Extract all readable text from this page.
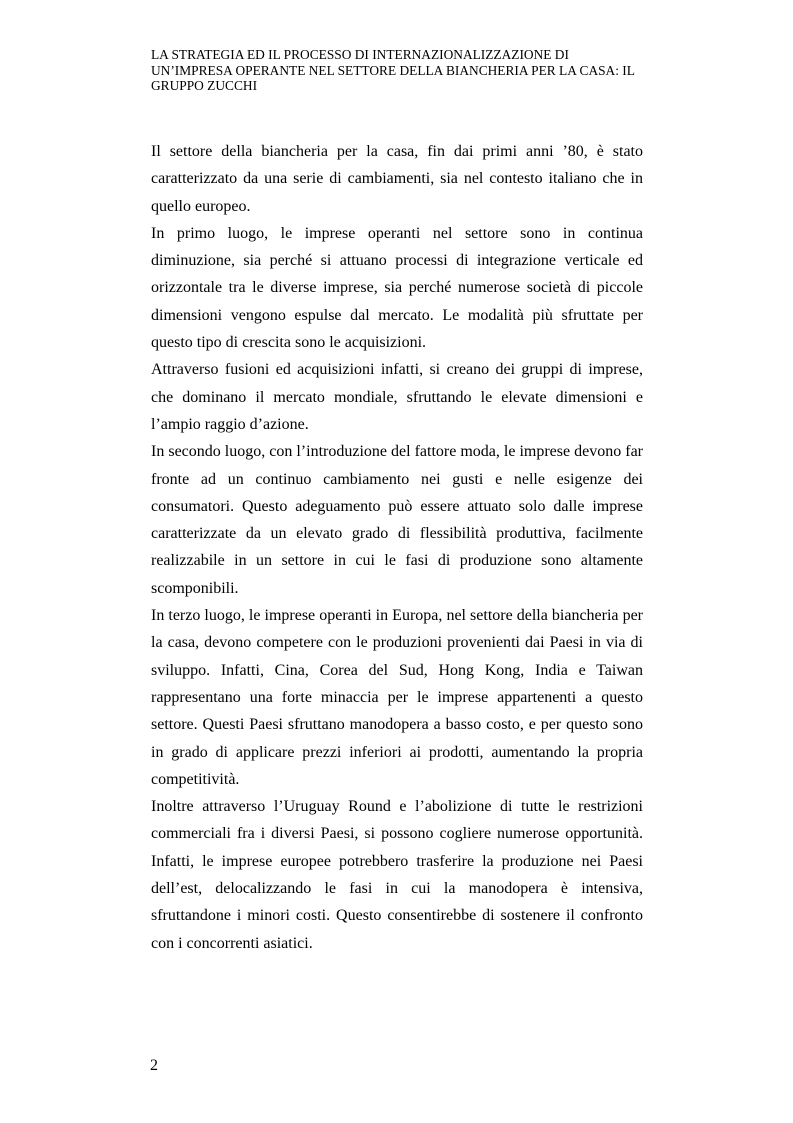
LA STRATEGIA ED IL PROCESSO DI INTERNAZIONALIZZAZIONE DI
UN’IMPRESA OPERANTE NEL SETTORE DELLA BIANCHERIA PER LA CASA: IL
GRUPPO ZUCCHI

Il settore della biancheria per la casa, fin dai primi anni ’80, è stato caratterizzato da una serie di cambiamenti, sia nel contesto italiano che in quello europeo.

In primo luogo, le imprese operanti nel settore sono in continua diminuzione, sia perché si attuano processi di integrazione verticale ed orizzontale tra le diverse imprese, sia perché numerose società di piccole dimensioni vengono espulse dal mercato. Le modalità più sfruttate per questo tipo di crescita sono le acquisizioni.

Attraverso fusioni ed acquisizioni infatti, si creano dei gruppi di imprese, che dominano il mercato mondiale, sfruttando le elevate dimensioni e l’ampio raggio d’azione.

In secondo luogo, con l’introduzione del fattore moda, le imprese devono far fronte ad un continuo cambiamento nei gusti e nelle esigenze dei consumatori. Questo adeguamento può essere attuato solo dalle imprese caratterizzate da un elevato grado di flessibilità produttiva, facilmente realizzabile in un settore in cui le fasi di produzione sono altamente scomponibili.

In terzo luogo, le imprese operanti in Europa, nel settore della biancheria per la casa, devono competere con le produzioni provenienti dai Paesi in via di sviluppo. Infatti, Cina, Corea del Sud, Hong Kong, India e Taiwan rappresentano una forte minaccia per le imprese appartenenti a questo settore. Questi Paesi sfruttano manodopera a basso costo, e per questo sono in grado di applicare prezzi inferiori ai prodotti, aumentando la propria competitività.

Inoltre attraverso l’Uruguay Round e l’abolizione di tutte le restrizioni commerciali fra i diversi Paesi, si possono cogliere numerose opportunità. Infatti, le imprese europee potrebbero trasferire la produzione nei Paesi dell’est, delocalizzando le fasi in cui la manodopera è intensiva, sfruttandone i minori costi. Questo consentirebbe di sostenere il confronto con i concorrenti asiatici.

2
